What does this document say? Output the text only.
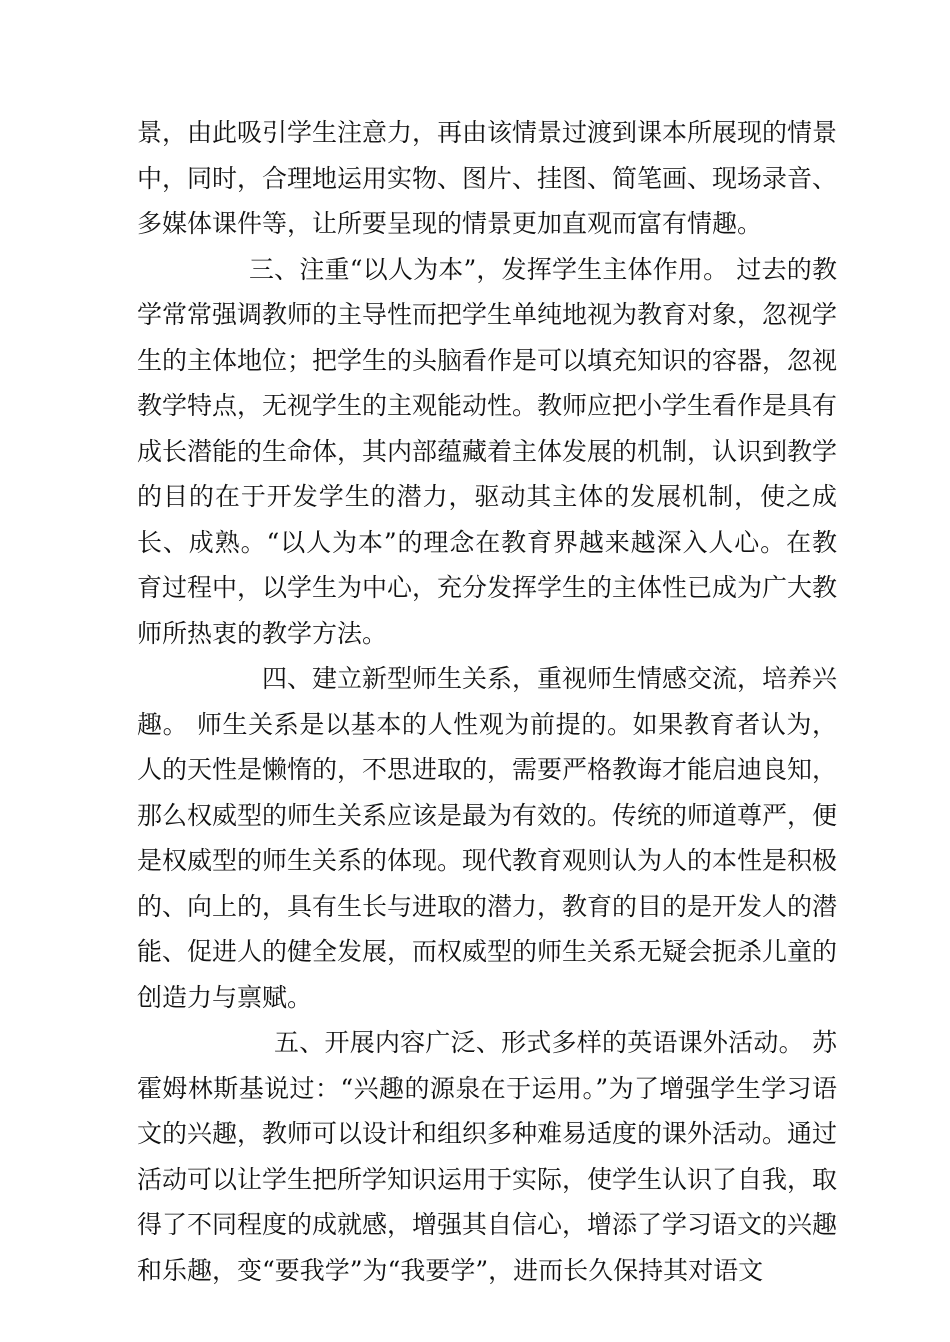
景，由此吸引学生注意力，再由该情景过渡到课本所展现的情景中，同时，合理地运用实物、图片、挂图、简笔画、现场录音、多媒体课件等，让所要呈现的情景更加直观而富有情趣。

三、注重“以人为本”，发挥学生主体作用。 过去的教学常常强调教师的主导性而把学生单纯地视为教育对象，忽视学生的主体地位；把学生的头脑看作是可以填充知识的容器，忽视教学特点，无视学生的主观能动性。教师应把小学生看作是具有成长潜能的生命体，其内部蕴藏着主体发展的机制，认识到教学的目的在于开发学生的潜力，驱动其主体的发展机制，使之成长、成熟。“以人为本”的理念在教育界越来越深入人心。在教育过程中，以学生为中心，充分发挥学生的主体性已成为广大教师所热衷的教学方法。

四、建立新型师生关系，重视师生情感交流，培养兴趣。 师生关系是以基本的人性观为前提的。如果教育者认为，人的天性是懒惰的，不思进取的，需要严格教诲才能启迪良知，那么权威型的师生关系应该是最为有效的。传统的师道尊严，便是权威型的师生关系的体现。现代教育观则认为人的本性是积极的、向上的，具有生长与进取的潜力，教育的目的是开发人的潜能、促进人的健全发展，而权威型的师生关系无疑会扼杀儿童的创造力与禀赋。

五、开展内容广泛、形式多样的英语课外活动。 苏霍姆林斯基说过：“兴趣的源泉在于运用。”为了增强学生学习语文的兴趣，教师可以设计和组织多种难易适度的课外活动。通过活动可以让学生把所学知识运用于实际，使学生认识了自我，取得了不同程度的成就感，增强其自信心，增添了学习语文的兴趣和乐趣，变“要我学”为“我要学”，进而长久保持其对语文
